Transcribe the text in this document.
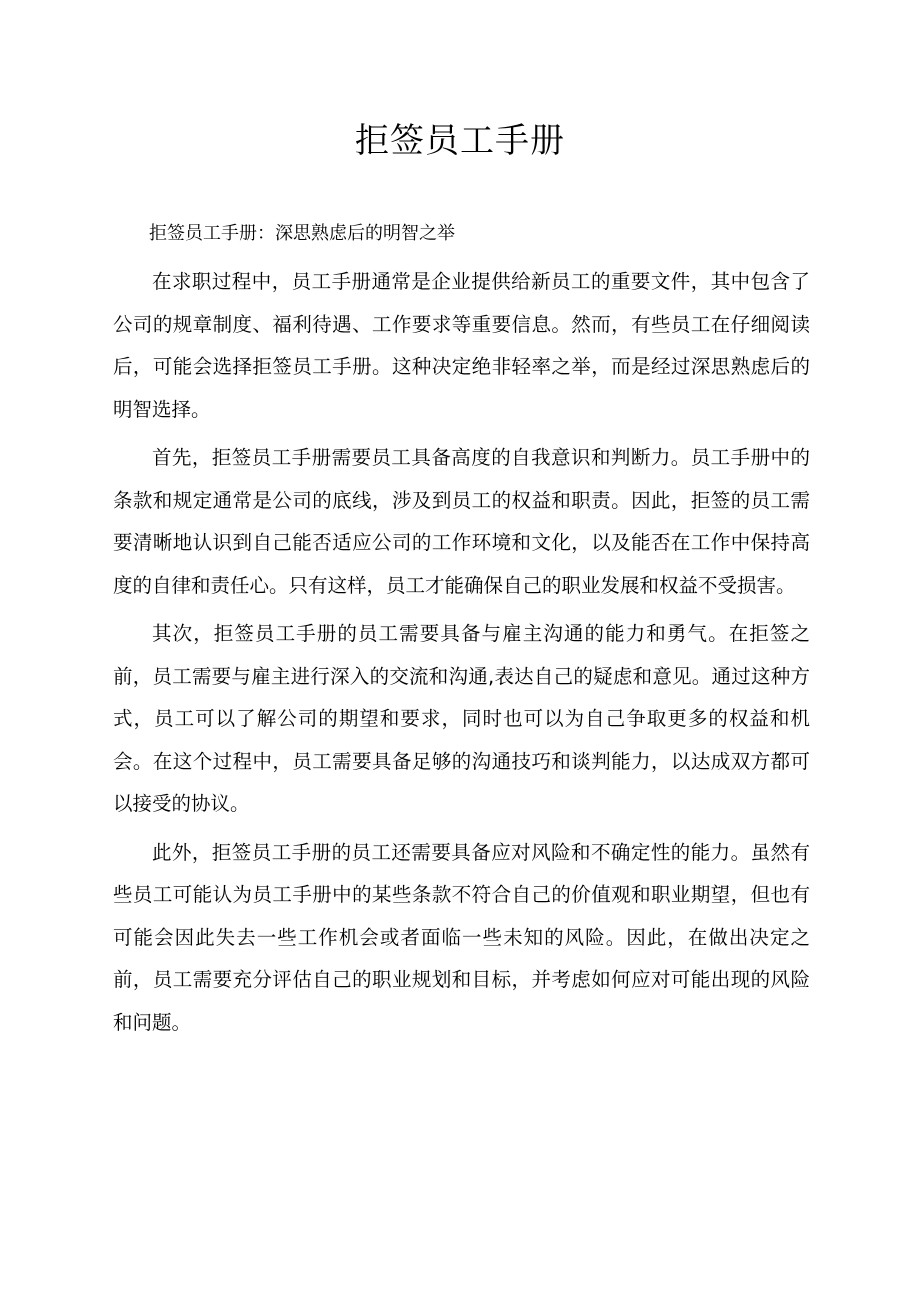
拒签员工手册

拒签员工手册：深思熟虑后的明智之举

在求职过程中，员工手册通常是企业提供给新员工的重要文件，其中包含了公司的规章制度、福利待遇、工作要求等重要信息。然而，有些员工在仔细阅读后，可能会选择拒签员工手册。这种决定绝非轻率之举，而是经过深思熟虑后的明智选择。

首先，拒签员工手册需要员工具备高度的自我意识和判断力。员工手册中的条款和规定通常是公司的底线，涉及到员工的权益和职责。因此，拒签的员工需要清晰地认识到自己能否适应公司的工作环境和文化，以及能否在工作中保持高度的自律和责任心。只有这样，员工才能确保自己的职业发展和权益不受损害。

其次，拒签员工手册的员工需要具备与雇主沟通的能力和勇气。在拒签之前，员工需要与雇主进行深入的交流和沟通,表达自己的疑虑和意见。通过这种方式，员工可以了解公司的期望和要求，同时也可以为自己争取更多的权益和机会。在这个过程中，员工需要具备足够的沟通技巧和谈判能力，以达成双方都可以接受的协议。

此外，拒签员工手册的员工还需要具备应对风险和不确定性的能力。虽然有些员工可能认为员工手册中的某些条款不符合自己的价值观和职业期望，但也有可能会因此失去一些工作机会或者面临一些未知的风险。因此，在做出决定之前，员工需要充分评估自己的职业规划和目标，并考虑如何应对可能出现的风险和问题。
